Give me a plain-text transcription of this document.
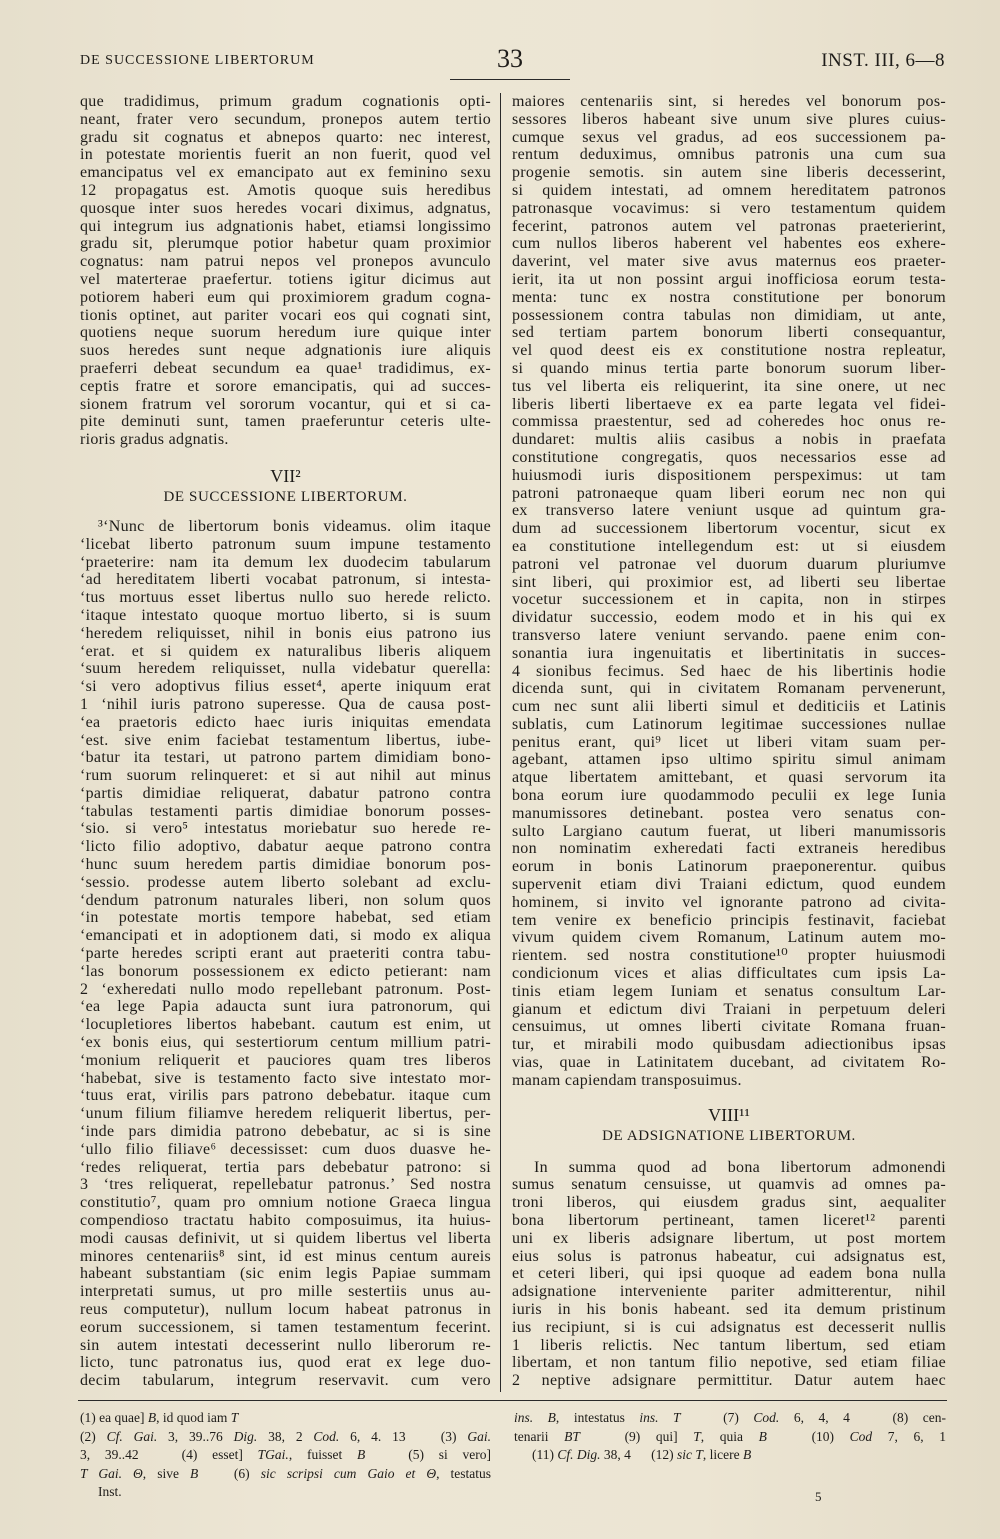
DE SUCCESSIONE LIBERTORUM	33	INST. III, 6—8
que tradidimus, primum gradum cognationis opti-
neant, frater vero secundum, pronepos autem tertio
gradu sit cognatus et abnepos quarto: nec interest,
in potestate morientis fuerit an non fuerit, quod vel
emancipatus vel ex emancipato aut ex feminino sexu
12 propagatus est. Amotis quoque suis heredibus
quosque inter suos heredes vocari diximus, adgnatus,
qui integrum ius adgnationis habet, etiamsi longissimo
gradu sit, plerumque potior habetur quam proximior
cognatus: nam patrui nepos vel pronepos avunculo
vel materterae praefertur. totiens igitur dicimus aut
potiorem haberi eum qui proximiorem gradum cogna-
tionis optinet, aut pariter vocari eos qui cognati sint,
quotiens neque suorum heredum iure quique inter
suos heredes sunt neque adgnationis iure aliquis
praeferri debeat secundum ea quae¹ tradidimus, ex-
ceptis fratre et sorore emancipatis, qui ad succes-
sionem fratrum vel sororum vocantur, qui et si ca-
pite deminuti sunt, tamen praeferuntur ceteris ulte-
rioris gradus adgnatis.
VII²
DE SUCCESSIONE LIBERTORUM.
³‘Nunc de libertorum bonis videamus. olim itaque
‘licebat liberto patronum suum impune testamento
‘praeterire: nam ita demum lex duodecim tabularum
‘ad hereditatem liberti vocabat patronum, si intesta-
‘tus mortuus esset libertus nullo suo herede relicto.
‘itaque intestato quoque mortuo liberto, si is suum
‘heredem reliquisset, nihil in bonis eius patrono ius
‘erat. et si quidem ex naturalibus liberis aliquem
‘suum heredem reliquisset, nulla videbatur querella:
‘si vero adoptivus filius esset⁴, aperte iniquum erat
1 ‘nihil iuris patrono superesse. Qua de causa post-
‘ea praetoris edicto haec iuris iniquitas emendata
‘est. sive enim faciebat testamentum libertus, iube-
‘batur ita testari, ut patrono partem dimidiam bono-
‘rum suorum relinqueret: et si aut nihil aut minus
‘partis dimidiae reliquerat, dabatur patrono contra
‘tabulas testamenti partis dimidiae bonorum posses-
‘sio. si vero⁵ intestatus moriebatur suo herede re-
‘licto filio adoptivo, dabatur aeque patrono contra
‘hunc suum heredem partis dimidiae bonorum pos-
‘sessio. prodesse autem liberto solebant ad exclu-
‘dendum patronum naturales liberi, non solum quos
‘in potestate mortis tempore habebat, sed etiam
‘emancipati et in adoptionem dati, si modo ex aliqua
‘parte heredes scripti erant aut praeteriti contra tabu-
‘las bonorum possessionem ex edicto petierant: nam
2 ‘exheredati nullo modo repellebant patronum. Post-
‘ea lege Papia adaucta sunt iura patronorum, qui
‘locupletiores libertos habebant. cautum est enim, ut
‘ex bonis eius, qui sestertiorum centum millium patri-
‘monium reliquerit et pauciores quam tres liberos
‘habebat, sive is testamento facto sive intestato mor-
‘tuus erat, virilis pars patrono debebatur. itaque cum
‘unum filium filiamve heredem reliquerit libertus, per-
‘inde pars dimidia patrono debebatur, ac si is sine
‘ullo filio filiave⁶ decessisset: cum duos duasve he-
‘redes reliquerat, tertia pars debebatur patrono: si
3 ‘tres reliquerat, repellebatur patronus.’ Sed nostra
constitutio⁷, quam pro omnium notione Graeca lingua
compendioso tractatu habito composuimus, ita huius-
modi causas definivit, ut si quidem libertus vel liberta
minores centenariis⁸ sint, id est minus centum aureis
habeant substantiam (sic enim legis Papiae summam
interpretati sumus, ut pro mille sestertiis unus au-
reus computetur), nullum locum habeat patronus in
eorum successionem, si tamen testamentum fecerint.
sin autem intestati decesserint nullo liberorum re-
licto, tunc patronatus ius, quod erat ex lege duo-
decim tabularum, integrum reservavit. cum vero
maiores centenariis sint, si heredes vel bonorum pos-
sessores liberos habeant sive unum sive plures cuius-
cumque sexus vel gradus, ad eos successionem pa-
rentum deduximus, omnibus patronis una cum sua
progenie semotis. sin autem sine liberis decesserint,
si quidem intestati, ad omnem hereditatem patronos
patronasque vocavimus: si vero testamentum quidem
fecerint, patronos autem vel patronas praeterierint,
cum nullos liberos haberent vel habentes eos exhere-
daverint, vel mater sive avus maternus eos praeter-
ierit, ita ut non possint argui inofficiosa eorum testa-
menta: tunc ex nostra constitutione per bonorum
possessionem contra tabulas non dimidiam, ut ante,
sed tertiam partem bonorum liberti consequantur,
vel quod deest eis ex constitutione nostra repleatur,
si quando minus tertia parte bonorum suorum liber-
tus vel liberta eis reliquerint, ita sine onere, ut nec
liberis liberti libertaeve ex ea parte legata vel fidei-
commissa praestentur, sed ad coheredes hoc onus re-
dundaret: multis aliis casibus a nobis in praefata
constitutione congregatis, quos necessarios esse ad
huiusmodi iuris dispositionem perspeximus: ut tam
patroni patronaeque quam liberi eorum nec non qui
ex transverso latere veniunt usque ad quintum gra-
dum ad successionem libertorum vocentur, sicut ex
ea constitutione intellegendum est: ut si eiusdem
patroni vel patronae vel duorum duarum pluriumve
sint liberi, qui proximior est, ad liberti seu libertae
vocetur successionem et in capita, non in stirpes
dividatur successio, eodem modo et in his qui ex
transverso latere veniunt servando. paene enim con-
sonantia iura ingenuitatis et libertinitatis in succes-
4 sionibus fecimus. Sed haec de his libertinis hodie
dicenda sunt, qui in civitatem Romanam pervenerunt,
cum nec sunt alii liberti simul et dediticiis et Latinis
sublatis, cum Latinorum legitimae successiones nullae
penitus erant, qui⁹ licet ut liberi vitam suam per-
agebant, attamen ipso ultimo spiritu simul animam
atque libertatem amittebant, et quasi servorum ita
bona eorum iure quodammodo peculii ex lege Iunia
manumissores detinebant. postea vero senatus con-
sulto Largiano cautum fuerat, ut liberi manumissoris
non nominatim exheredati facti extraneis heredibus
eorum in bonis Latinorum praeponerentur. quibus
supervenit etiam divi Traiani edictum, quod eundem
hominem, si invito vel ignorante patrono ad civita-
tem venire ex beneficio principis festinavit, faciebat
vivum quidem civem Romanum, Latinum autem mo-
rientem. sed nostra constitutione¹⁰ propter huiusmodi
condicionum vices et alias difficultates cum ipsis La-
tinis etiam legem Iuniam et senatus consultum Lar-
gianum et edictum divi Traiani in perpetuum deleri
censuimus, ut omnes liberti civitate Romana fruan-
tur, et mirabili modo quibusdam adiectionibus ipsas
vias, quae in Latinitatem ducebant, ad civitatem Ro-
manam capiendam transposuimus.
VIII¹¹
DE ADSIGNATIONE LIBERTORUM.
In summa quod ad bona libertorum admonendi
sumus senatum censuisse, ut quamvis ad omnes pa-
troni liberos, qui eiusdem gradus sint, aequaliter
bona libertorum pertineant, tamen liceret¹² parenti
uni ex liberis adsignare libertum, ut post mortem
eius solus is patronus habeatur, cui adsignatus est,
et ceteri liberi, qui ipsi quoque ad eadem bona nulla
adsignatione interveniente pariter admitterentur, nihil
iuris in his bonis habeant. sed ita demum pristinum
ius recipiunt, si is cui adsignatus est decesserit nullis
1 liberis relictis. Nec tantum libertum, sed etiam
libertam, et non tantum filio nepotive, sed etiam filiae
2 neptive adsignare permittitur. Datur autem haec
(1) ea quae] B, id quod iam T
(2) Cf. Gai. 3, 39..76 Dig. 38, 2 Cod. 6, 4. 13   (3) Gai.
3, 39..42   (4) esset] TGai., fuisset B   (5) si vero]
T Gai. Θ, sive B   (6) sic scripsi cum Gaio et Θ, testatus
Inst.
ins. B, intestatus ins. T   (7) Cod. 6, 4, 4   (8) cen-
tenarii BT   (9) qui] T, quia B   (10) Cod 7, 6, 1
(11) Cf. Dig. 38, 4   (12) sic T, licere B
5
